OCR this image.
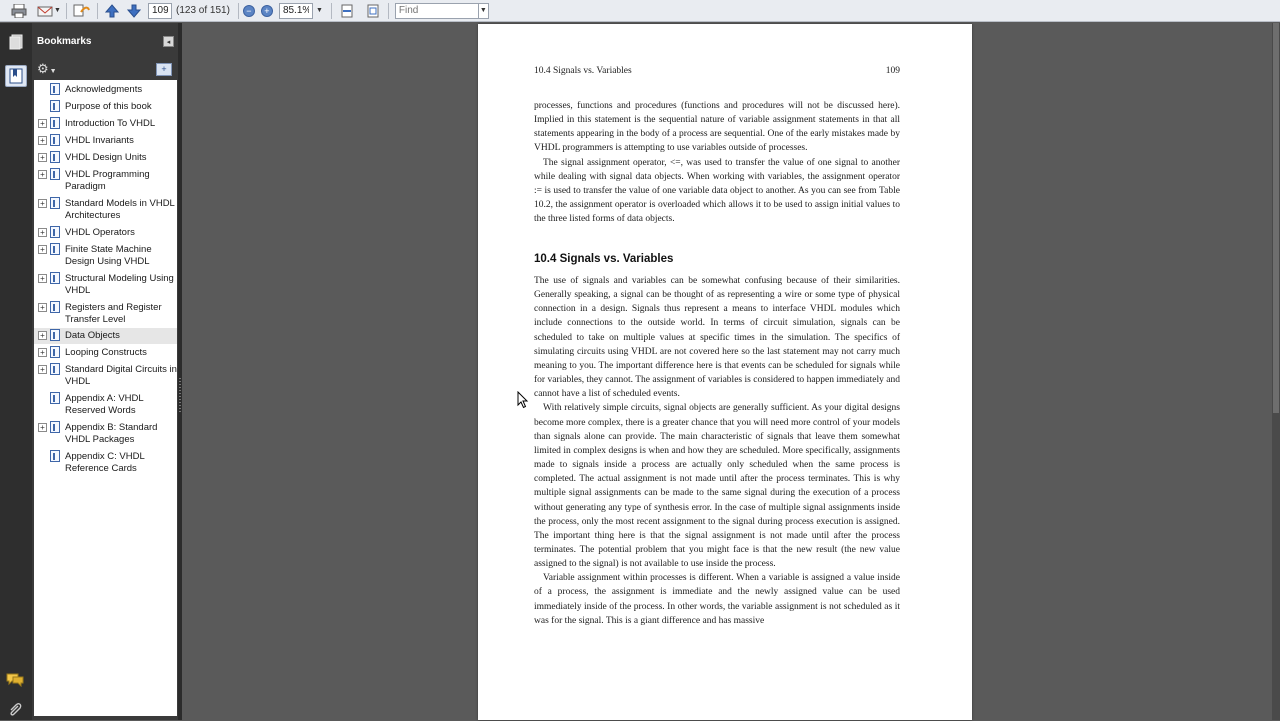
▼
109	(123 of 151)	−	+
85.1%	▼
Find	▼
Bookmarks	◂
⚙▼	+
Acknowledgments
Purpose of this book
+ Introduction To VHDL
+ VHDL Invariants
+ VHDL Design Units
+ VHDL Programming Paradigm
+ Standard Models in VHDL Architectures
+ VHDL Operators
+ Finite State Machine Design Using VHDL
+ Structural Modeling Using VHDL
+ Registers and Register Transfer Level
+ Data Objects
+ Looping Constructs
+ Standard Digital Circuits in VHDL
Appendix A: VHDL Reserved Words
+ Appendix B: Standard VHDL Packages
Appendix C: VHDL Reference Cards
10.4 Signals vs. Variables	109

processes, functions and procedures (functions and procedures will not be discussed here). Implied in this statement is the sequential nature of variable assignment statements in that all statements appearing in the body of a process are sequential. One of the early mistakes made by VHDL programmers is attempting to use variables outside of processes.

The signal assignment operator, <=, was used to transfer the value of one signal to another while dealing with signal data objects. When working with variables, the assignment operator := is used to transfer the value of one variable data object to another. As you can see from Table 10.2, the assignment operator is overloaded which allows it to be used to assign initial values to the three listed forms of data objects.

10.4 Signals vs. Variables

The use of signals and variables can be somewhat confusing because of their similarities. Generally speaking, a signal can be thought of as representing a wire or some type of physical connection in a design. Signals thus represent a means to interface VHDL modules which include connections to the outside world. In terms of circuit simulation, signals can be scheduled to take on multiple values at specific times in the simulation. The specifics of simulating circuits using VHDL are not covered here so the last statement may not carry much meaning to you. The important difference here is that events can be scheduled for signals while for variables, they cannot. The assignment of variables is considered to happen immediately and cannot have a list of scheduled events.

With relatively simple circuits, signal objects are generally sufficient. As your digital designs become more complex, there is a greater chance that you will need more control of your models than signals alone can provide. The main characteristic of signals that leave them somewhat limited in complex designs is when and how they are scheduled. More specifically, assignments made to signals inside a process are actually only scheduled when the same process is completed. The actual assignment is not made until after the process terminates. This is why multiple signal assignments can be made to the same signal during the execution of a process without generating any type of synthesis error. In the case of multiple signal assignments inside the process, only the most recent assignment to the signal during process execution is assigned. The important thing here is that the signal assignment is not made until after the process terminates. The potential problem that you might face is that the new result (the new value assigned to the signal) is not available to use inside the process.

Variable assignment within processes is different. When a variable is assigned a value inside of a process, the assignment is immediate and the newly assigned value can be used immediately inside of the process. In other words, the variable assignment is not scheduled as it was for the signal. This is a giant difference and has massive
